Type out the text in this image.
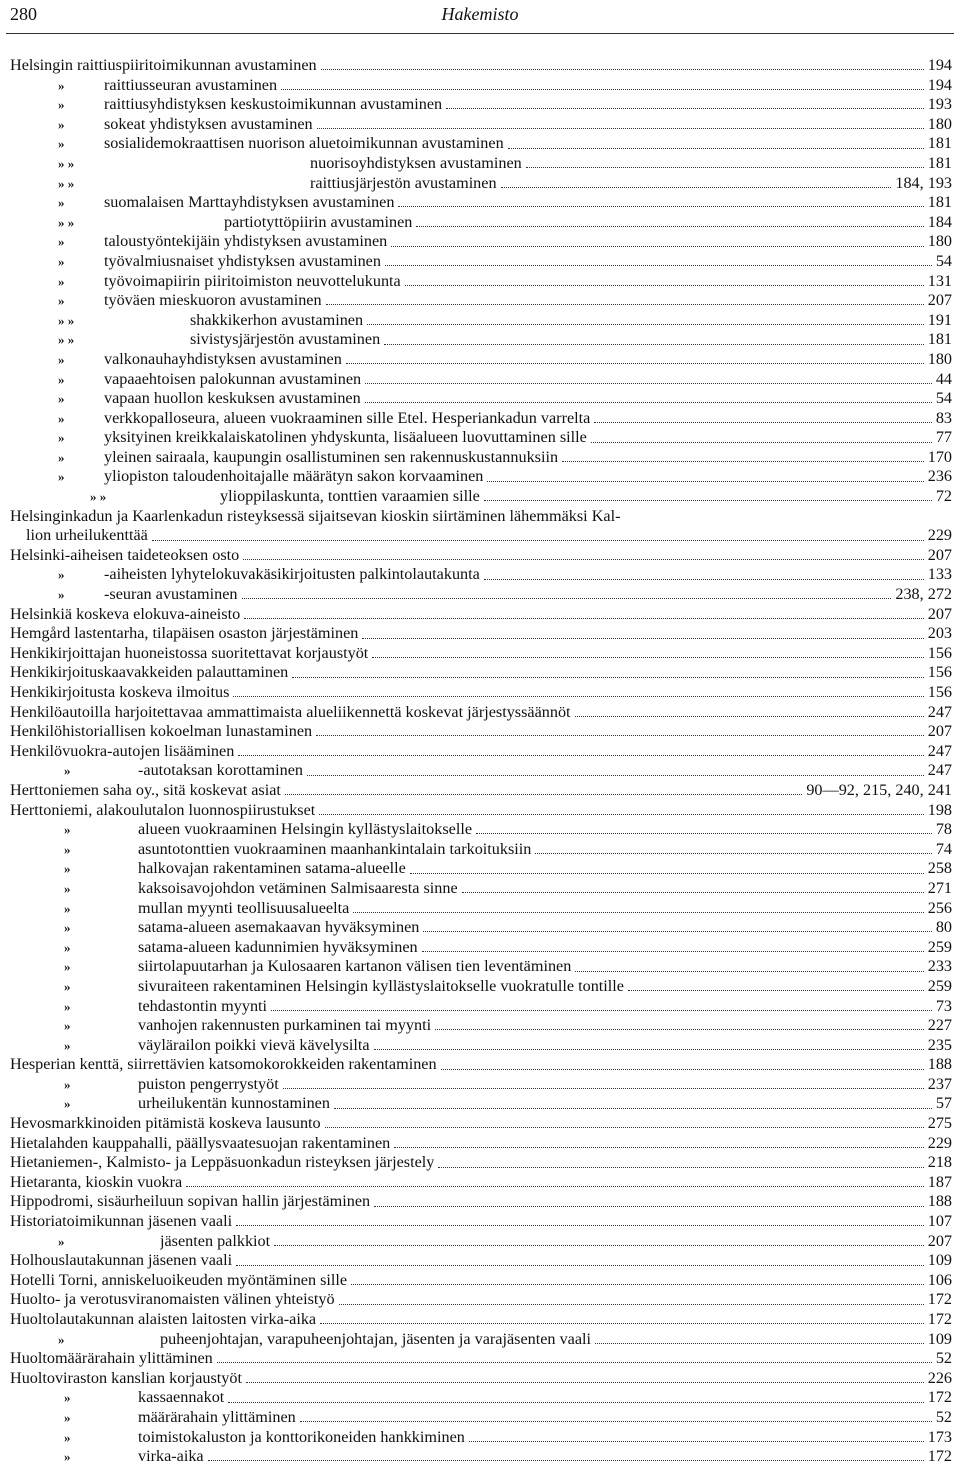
280	Hakemisto
Helsingin raittiuspiiritoimikunnan avustaminen	194
»	raittiusseuran avustaminen	194
»	raittiusyhdistyksen keskustoimikunnan avustaminen	193
»	sokeat yhdistyksen avustaminen	180
»	sosialidemokraattisen nuorison aluetoimikunnan avustaminen	181
» »	nuorisoyhdistyksen avustaminen	181
» »	raittiusjärjestön avustaminen	184, 193
»	suomalaisen Marttayhdistyksen avustaminen	181
» »	partiotyttöpiirin avustaminen	184
»	taloustyöntekijäin yhdistyksen avustaminen	180
»	työvalmiusnaiset yhdistyksen avustaminen	54
»	työvoimapiirin piiritoimiston neuvottelukunta	131
»	työväen mieskuoron avustaminen	207
» »	shakkikerhon avustaminen	191
» »	sivistysjärjestön avustaminen	181
»	valkonauhayhdistyksen avustaminen	180
»	vapaaehtoisen palokunnan avustaminen	44
»	vapaan huollon keskuksen avustaminen	54
»	verkkopalloseura, alueen vuokraaminen sille Etel. Hesperiankadun varrelta	83
»	yksityinen kreikkalaiskatolinen yhdyskunta, lisäalueen luovuttaminen sille	77
»	yleinen sairaala, kaupungin osallistuminen sen rakennuskustannuksiin	170
»	yliopiston taloudenhoitajalle määrätyn sakon korvaaminen	236
» »	ylioppilaskunta, tonttien varaamien sille	72
Helsinginkadun ja Kaarlenkadun risteyksessä sijaitsevan kioskin siirtäminen lähemmäksi Kal-
lion urheilukenttää	229
Helsinki-aiheisen taideteoksen osto	207
»	-aiheisten lyhytelokuvakäsikirjoitusten palkintolautakunta	133
»	-seuran avustaminen	238, 272
Helsinkiä koskeva elokuva-aineisto	207
Hemgård lastentarha, tilapäisen osaston järjestäminen	203
Henkikirjoittajan huoneistossa suoritettavat korjaustyöt	156
Henkikirjoituskaavakkeiden palauttaminen	156
Henkikirjoitusta koskeva ilmoitus	156
Henkilöautoilla harjoitettavaa ammattimaista alueliikennettä koskevat järjestyssäännöt	247
Henkilöhistoriallisen kokoelman lunastaminen	207
Henkilövuokra-autojen lisääminen	247
»	-autotaksan korottaminen	247
Herttoniemen saha oy., sitä koskevat asiat	90—92, 215, 240, 241
Herttoniemi, alakoulutalon luonnospiirustukset	198
»	alueen vuokraaminen Helsingin kyllästyslaitokselle	78
»	asuntotonttien vuokraaminen maanhankintalain tarkoituksiin	74
»	halkovajan rakentaminen satama-alueelle	258
»	kaksoisavojohdon vetäminen Salmisaaresta sinne	271
»	mullan myynti teollisuusalueelta	256
»	satama-alueen asemakaavan hyväksyminen	80
»	satama-alueen kadunnimien hyväksyminen	259
»	siirtolapuutarhan ja Kulosaaren kartanon välisen tien leventäminen	233
»	sivuraiteen rakentaminen Helsingin kyllästyslaitokselle vuokratulle tontille	259
»	tehdastontin myynti	73
»	vanhojen rakennusten purkaminen tai myynti	227
»	väylärailon poikki vievä kävelysilta	235
Hesperian kenttä, siirrettävien katsomokorokkeiden rakentaminen	188
»	puiston pengerrystyöt	237
»	urheilukentän kunnostaminen	57
Hevosmarkkinoiden pitämistä koskeva lausunto	275
Hietalahden kauppahalli, päällysvaatesuojan rakentaminen	229
Hietaniemen-, Kalmisto- ja Leppäsuonkadun risteyksen järjestely	218
Hietaranta, kioskin vuokra	187
Hippodromi, sisäurheiluun sopivan hallin järjestäminen	188
Historiatoimikunnan jäsenen vaali	107
»	jäsenten palkkiot	207
Holhouslautakunnan jäsenen vaali	109
Hotelli Torni, anniskeluoikeuden myöntäminen sille	106
Huolto- ja verotusviranomaisten välinen yhteistyö	172
Huoltolautakunnan alaisten laitosten virka-aika	172
»	puheenjohtajan, varapuheenjohtajan, jäsenten ja varajäsenten vaali	109
Huoltomäärärahain ylittäminen	52
Huoltoviraston kanslian korjaustyöt	226
»	kassaennakot	172
»	määrärahain ylittäminen	52
»	toimistokaluston ja konttorikoneiden hankkiminen	173
»	virka-aika	172
